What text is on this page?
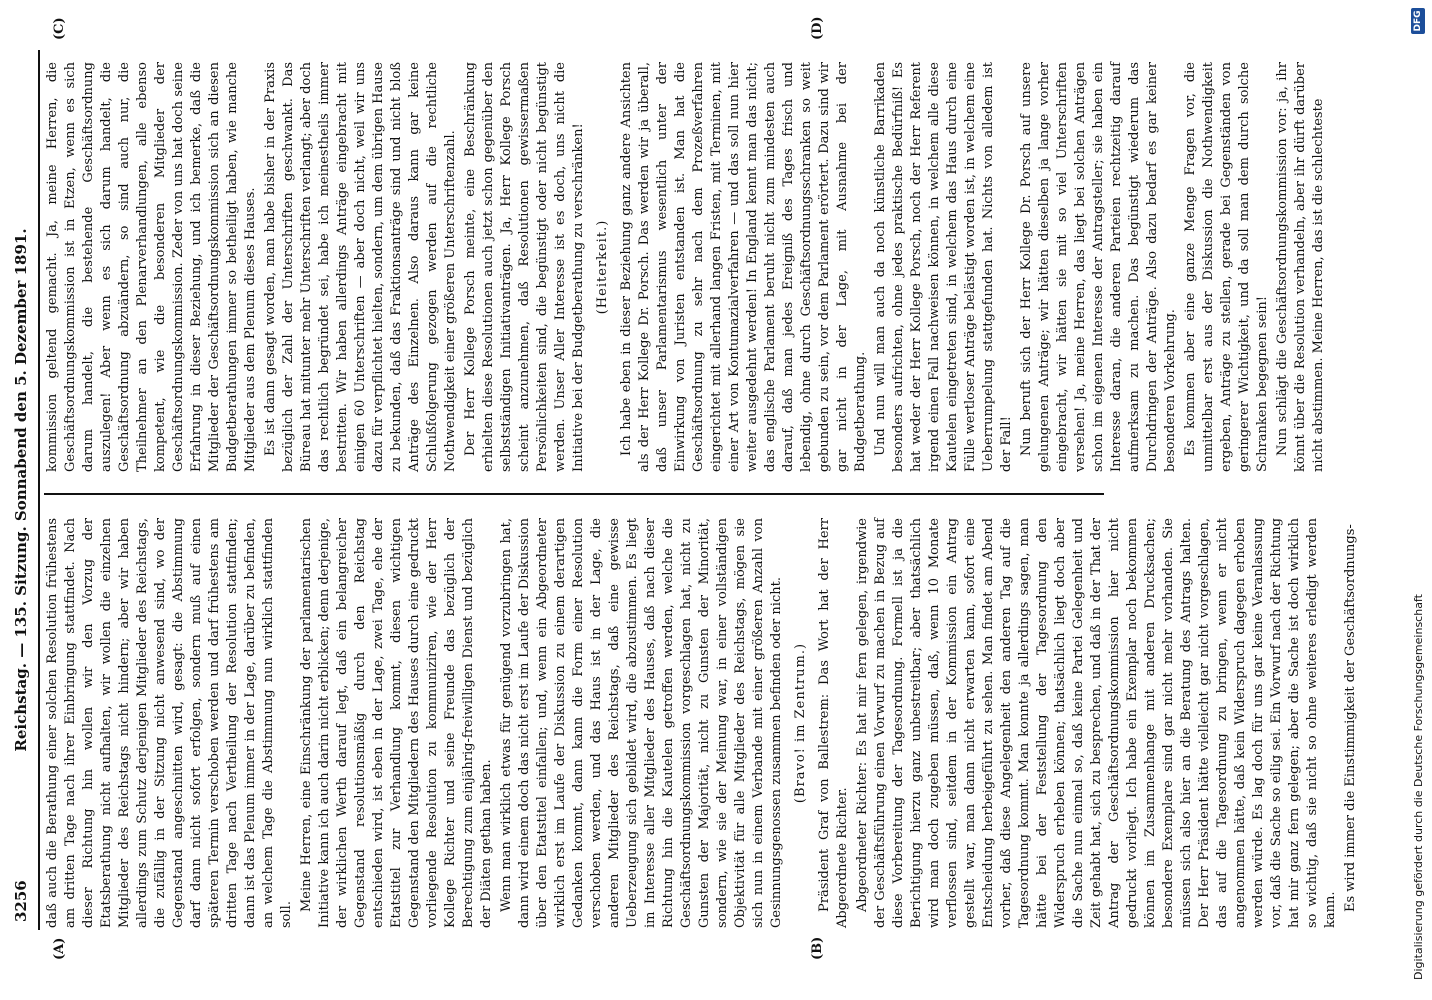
3256
Reichstag. — 135. Sitzung. Sonnabend den 5. Dezember 1891.
(A)	(B)
(C)	(D)

daß auch die Berathung einer solchen Resolution frühestens am dritten Tage nach ihrer Einbringung stattfindet. Nach dieser Richtung hin wollen wir den Vorzug der Etatsberathung nicht aufhalten, wir wollen die einzelnen Mitglieder des Reichstags nicht hindern; aber wir haben allerdings zum Schutz derjenigen Mitglieder des Reichstags, die zufällig in der Sitzung nicht anwesend sind, wo der Gegenstand angeschnitten wird, gesagt: die Abstimmung darf dann nicht sofort erfolgen, sondern muß auf einen späteren Termin verschoben werden und darf frühestens am dritten Tage nach Vertheilung der Resolution stattfinden; dann ist das Plenum immer in der Lage, darüber zu befinden, an welchem Tage die Abstimmung nun wirklich stattfinden soll.

Meine Herren, eine Einschränkung der parlamentarischen Initiative kann ich auch darin nicht erblicken; denn derjenige, der wirklichen Werth darauf legt, daß ein belangreicher Gegenstand resolutionsmäßig durch den Reichstag entschieden wird, ist eben in der Lage, zwei Tage, ehe der Etatstitel zur Verhandlung kommt, diesen wichtigen Gegenstand den Mitgliedern des Hauses durch eine gedruckt vorliegende Resolution zu kommuniziren, wie der Herr Kollege Richter und seine Freunde das bezüglich der Berechtigung zum einjährig-freiwilligen Dienst und bezüglich der Diäten gethan haben. Wenn man wirklich etwas für genügend vorzubringen hat, dann wird einem doch das nicht erst im Laufe der Diskussion über den Etatstitel einfallen; und, wenn ein Abgeordneter wirklich erst im Laufe der Diskussion zu einem derartigen Gedanken kommt, dann kann die Form einer Resolution verschoben werden, und das Haus ist in der Lage, die anderen Mitglieder des Reichstags, daß eine gewisse Ueberzeugung sich gebildet wird, die abzustimmen. Es liegt im Interesse aller Mitglieder des Hauses, daß nach dieser Richtung hin die Kautelen getroffen werden, welche die Geschäftsordnungskommission vorgeschlagen hat, nicht zu Gunsten der Majorität, nicht zu Gunsten der Minorität, sondern, wie sie der Meinung war, in einer vollständigen Objektivität für alle Mitglieder des Reichstags, mögen sie sich nun in einem Verbande mit einer größeren Anzahl von Gesinnungsgenossen zusammen befinden oder nicht. (Bravo! im Zentrum.) Präsident Graf von Ballestrem: Das Wort hat der Herr Abgeordnete Richter. Abgeordneter Richter: Es hat mir fern gelegen, irgendwie der Geschäftsführung einen Vorwurf zu machen in Bezug auf diese Vorbereitung der Tagesordnung. Formell ist ja die Berichtigung hierzu ganz unbestreitbar; aber thatsächlich wird man doch zugeben müssen, daß, wenn 10 Monate verflossen sind, seitdem in der Kommission ein Antrag gestellt war, man dann nicht erwarten kann, sofort eine Entscheidung herbeigeführt zu sehen. Man findet am Abend vorher, daß diese Angelegenheit den anderen Tag auf die Tagesordnung kommt. Man konnte ja allerdings sagen, man hätte bei der Feststellung der Tagesordnung den Widerspruch erheben können; thatsächlich liegt doch aber die Sache nun einmal so, daß keine Partei Gelegenheit und Zeit gehabt hat, sich zu besprechen, und daß in der That der Antrag der Geschäftsordnungskommission hier nicht gedruckt vorliegt. Ich habe ein Exemplar noch bekommen können im Zusammenhange mit anderen Drucksachen; besondere Exemplare sind gar nicht mehr vorhanden. Sie müssen sich also hier an die Beratung des Antrags halten. Der Herr Präsident hätte vielleicht gar nicht vorgeschlagen, das auf die Tagesordnung zu bringen, wenn er nicht angenommen hätte, daß kein Widerspruch dagegen erhoben werden würde. Es lag doch für uns gar keine Veranlassung vor, daß die Sache so eilig sei. Ein Vorwurf nach der Richtung hat mir ganz fern gelegen; aber die Sache ist doch wirklich so wichtig, daß sie nicht so ohne weiteres erledigt werden kann. Es wird immer die Einstimmigkeit der Geschäftsordnungs-

kommission geltend gemacht. Ja, meine Herren, die Geschäftsordnungskommission ist in Etzen, wenn es sich darum handelt, die bestehende Geschäftsordnung auszulegen! Aber wenn es sich darum handelt, die Geschäftsordnung abzuändern, so sind auch nur, die Theilnehmer an den Plenarverhandlungen, alle ebenso kompetent, wie die besonderen Mitglieder der Geschäftsordnungskommission. Zeder von uns hat doch seine Erfahrung in dieser Beziehung, und ich bemerke, daß die Mitglieder der Geschäftsordnungskommission sich an diesen Budgetberathungen immer so betheiligt haben, wie manche Mitglieder aus dem Plenum dieses Hauses. Es ist dann gesagt worden, man habe bisher in der Praxis bezüglich der Zahl der Unterschriften geschwankt. Das Büreau hat mitunter mehr Unterschriften verlangt; aber doch das rechtlich begründet sei, habe ich meinestheils immer bestritten. Wir haben allerdings Anträge eingebracht mit einigen 60 Unterschriften — aber doch nicht, weil wir uns dazu für verpflichtet hielten, sondern, um dem übrigen Hause zu bekunden, daß das Fraktionsanträge sind und nicht bloß Anträge des Einzelnen. Also daraus kann gar keine Schlußfolgerung gezogen werden auf die rechtliche Nothwendigkeit einer größeren Unterschriftenzahl. Der Herr Kollege Porsch meinte, eine Beschränkung erhielten diese Resolutionen auch jetzt schon gegenüber den selbstständigen Initiativanträgen. Ja, Herr Kollege Porsch scheint anzunehmen, daß Resolutionen gewissermaßen Persönlichkeiten sind, die begünstigt oder nicht begünstigt werden. Unser Aller Interesse ist es doch, uns nicht die Initiative bei der Budgetberathung zu verschränken! (Heiterkeit.) Ich habe eben in dieser Beziehung ganz andere Ansichten als der Herr Kollege Dr. Porsch. Das werden wir ja überall, daß unser Parlamentarismus wesentlich unter der Einwirkung von Juristen entstanden ist. Man hat die Geschäftsordnung zu sehr nach dem Prozeßverfahren eingerichtet mit allerhand langen Fristen, mit Terminen, mit einer Art von Kontumazialverfahren — und das soll nun hier weiter ausgedehnt werden! In England kennt man das nicht; das englische Parlament beruht nicht zum mindesten auch darauf, daß man jedes Ereigniß des Tages frisch und lebendig, ohne durch Geschäftsordnungsschranken so weit gebunden zu sein, vor dem Parlament erörtert. Dazu sind wir gar nicht in der Lage, mit Ausnahme bei der Budgetberathung. Und nun will man auch da noch künstliche Barrikaden besonders aufrichten, ohne jedes praktische Bedürfniß! Es hat weder der Herr Kollege Porsch, noch der Herr Referent irgend einen Fall nachweisen können, in welchem alle diese Kautelen eingetreten sind, in welchem das Haus durch eine Fülle wertloser Anträge belästigt worden ist, in welchem eine Ueberrumpelung stattgefunden hat. Nichts von alledem ist der Fall! Nun beruft sich der Herr Kollege Dr. Porsch auf unsere gelungenen Anträge; wir hätten dieselben ja lange vorher eingebracht, wir hätten sie mit so viel Unterschriften versehen! Ja, meine Herren, das liegt bei solchen Anträgen schon im eigenen Interesse der Antragsteller; sie haben ein Interesse daran, die anderen Parteien rechtzeitig darauf aufmerksam zu machen. Das begünstigt wiederum das Durchdringen der Anträge. Also dazu bedarf es gar keiner besonderen Vorkehrung. Es kommen aber eine ganze Menge Fragen vor, die unmittelbar erst aus der Diskussion die Nothwendigkeit ergeben, Anträge zu stellen, gerade bei Gegenständen von geringerer Wichtigkeit, und da soll man dem durch solche Schranken begegnen sein! Nun schlägt die Geschäftsordnungskommission vor: ja, ihr könnt über die Resolution verhandeln, aber ihr dürft darüber nicht abstimmen. Meine Herren, das ist die schlechteste

Digitalisierung gefördert durch die Deutsche Forschungsgemeinschaft
DFG
